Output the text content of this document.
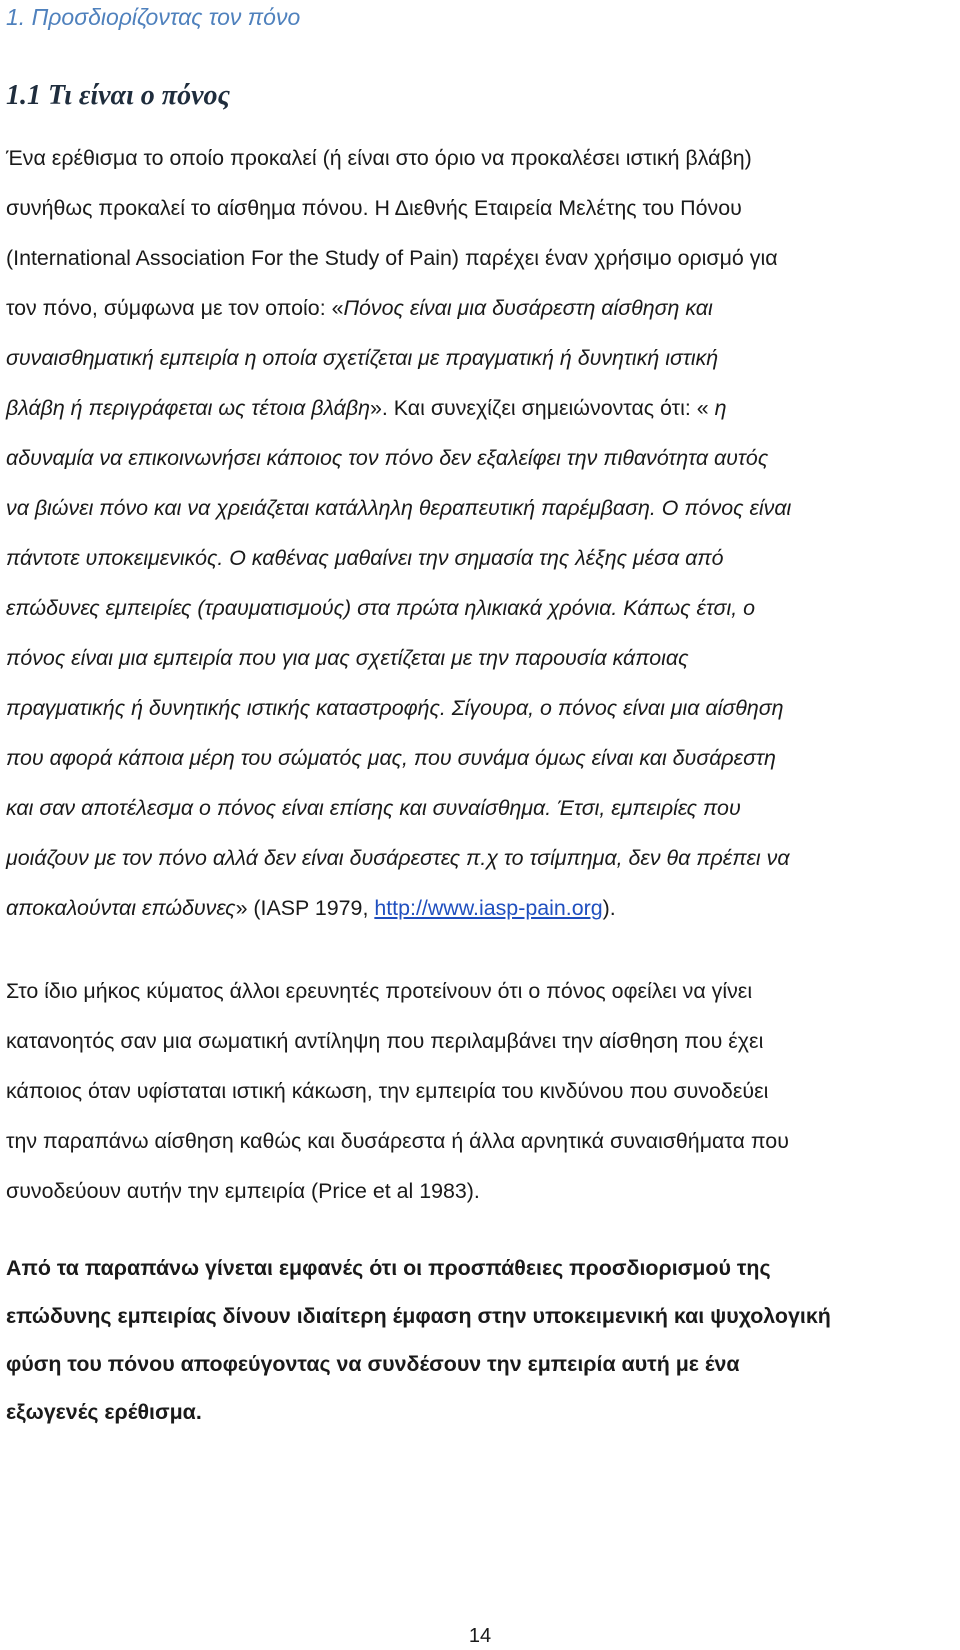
1. Προσδιορίζοντας τον πόνο
1.1 Τι είναι ο πόνος
Ένα ερέθισμα το οποίο προκαλεί (ή είναι στο όριο να προκαλέσει ιστική βλάβη)
συνήθως προκαλεί το αίσθημα πόνου. Η Διεθνής Εταιρεία Μελέτης του Πόνου
(International Association For the Study of Pain) παρέχει έναν χρήσιμο ορισμό για
τον πόνο, σύμφωνα με τον οποίο: «Πόνος είναι μια δυσάρεστη αίσθηση και
συναισθηματική εμπειρία η οποία σχετίζεται με πραγματική ή δυνητική ιστική
βλάβη ή περιγράφεται ως τέτοια βλάβη». Και συνεχίζει σημειώνοντας ότι: « η
αδυναμία να επικοινωνήσει κάποιος τον πόνο δεν εξαλείφει την πιθανότητα αυτός
να βιώνει πόνο και να χρειάζεται κατάλληλη θεραπευτική παρέμβαση. Ο πόνος είναι
πάντοτε υποκειμενικός. Ο καθένας μαθαίνει την σημασία της λέξης μέσα από
επώδυνες εμπειρίες (τραυματισμούς) στα πρώτα ηλικιακά χρόνια. Κάπως έτσι, ο
πόνος είναι μια εμπειρία που για μας σχετίζεται με την παρουσία κάποιας
πραγματικής ή δυνητικής ιστικής καταστροφής. Σίγουρα, ο πόνος είναι μια αίσθηση
που αφορά κάποια μέρη του σώματός μας, που συνάμα όμως είναι και δυσάρεστη
και σαν αποτέλεσμα ο πόνος είναι επίσης και συναίσθημα. Έτσι, εμπειρίες που
μοιάζουν με τον πόνο αλλά δεν είναι δυσάρεστες π.χ το τσίμπημα, δεν θα πρέπει να
αποκαλούνται επώδυνες» (IASP 1979, http://www.iasp-pain.org).
Στο ίδιο μήκος κύματος άλλοι ερευνητές προτείνουν ότι ο πόνος οφείλει να γίνει
κατανοητός σαν μια σωματική αντίληψη που περιλαμβάνει την αίσθηση που έχει
κάποιος όταν υφίσταται ιστική κάκωση, την εμπειρία του κινδύνου που συνοδεύει
την παραπάνω αίσθηση καθώς και δυσάρεστα ή άλλα αρνητικά συναισθήματα που
συνοδεύουν αυτήν την εμπειρία (Price et al 1983).
Από τα παραπάνω γίνεται εμφανές ότι οι προσπάθειες προσδιορισμού της
επώδυνης εμπειρίας δίνουν ιδιαίτερη έμφαση στην υποκειμενική και ψυχολογική
φύση του πόνου αποφεύγοντας να συνδέσουν την εμπειρία αυτή με ένα
εξωγενές ερέθισμα.
14
